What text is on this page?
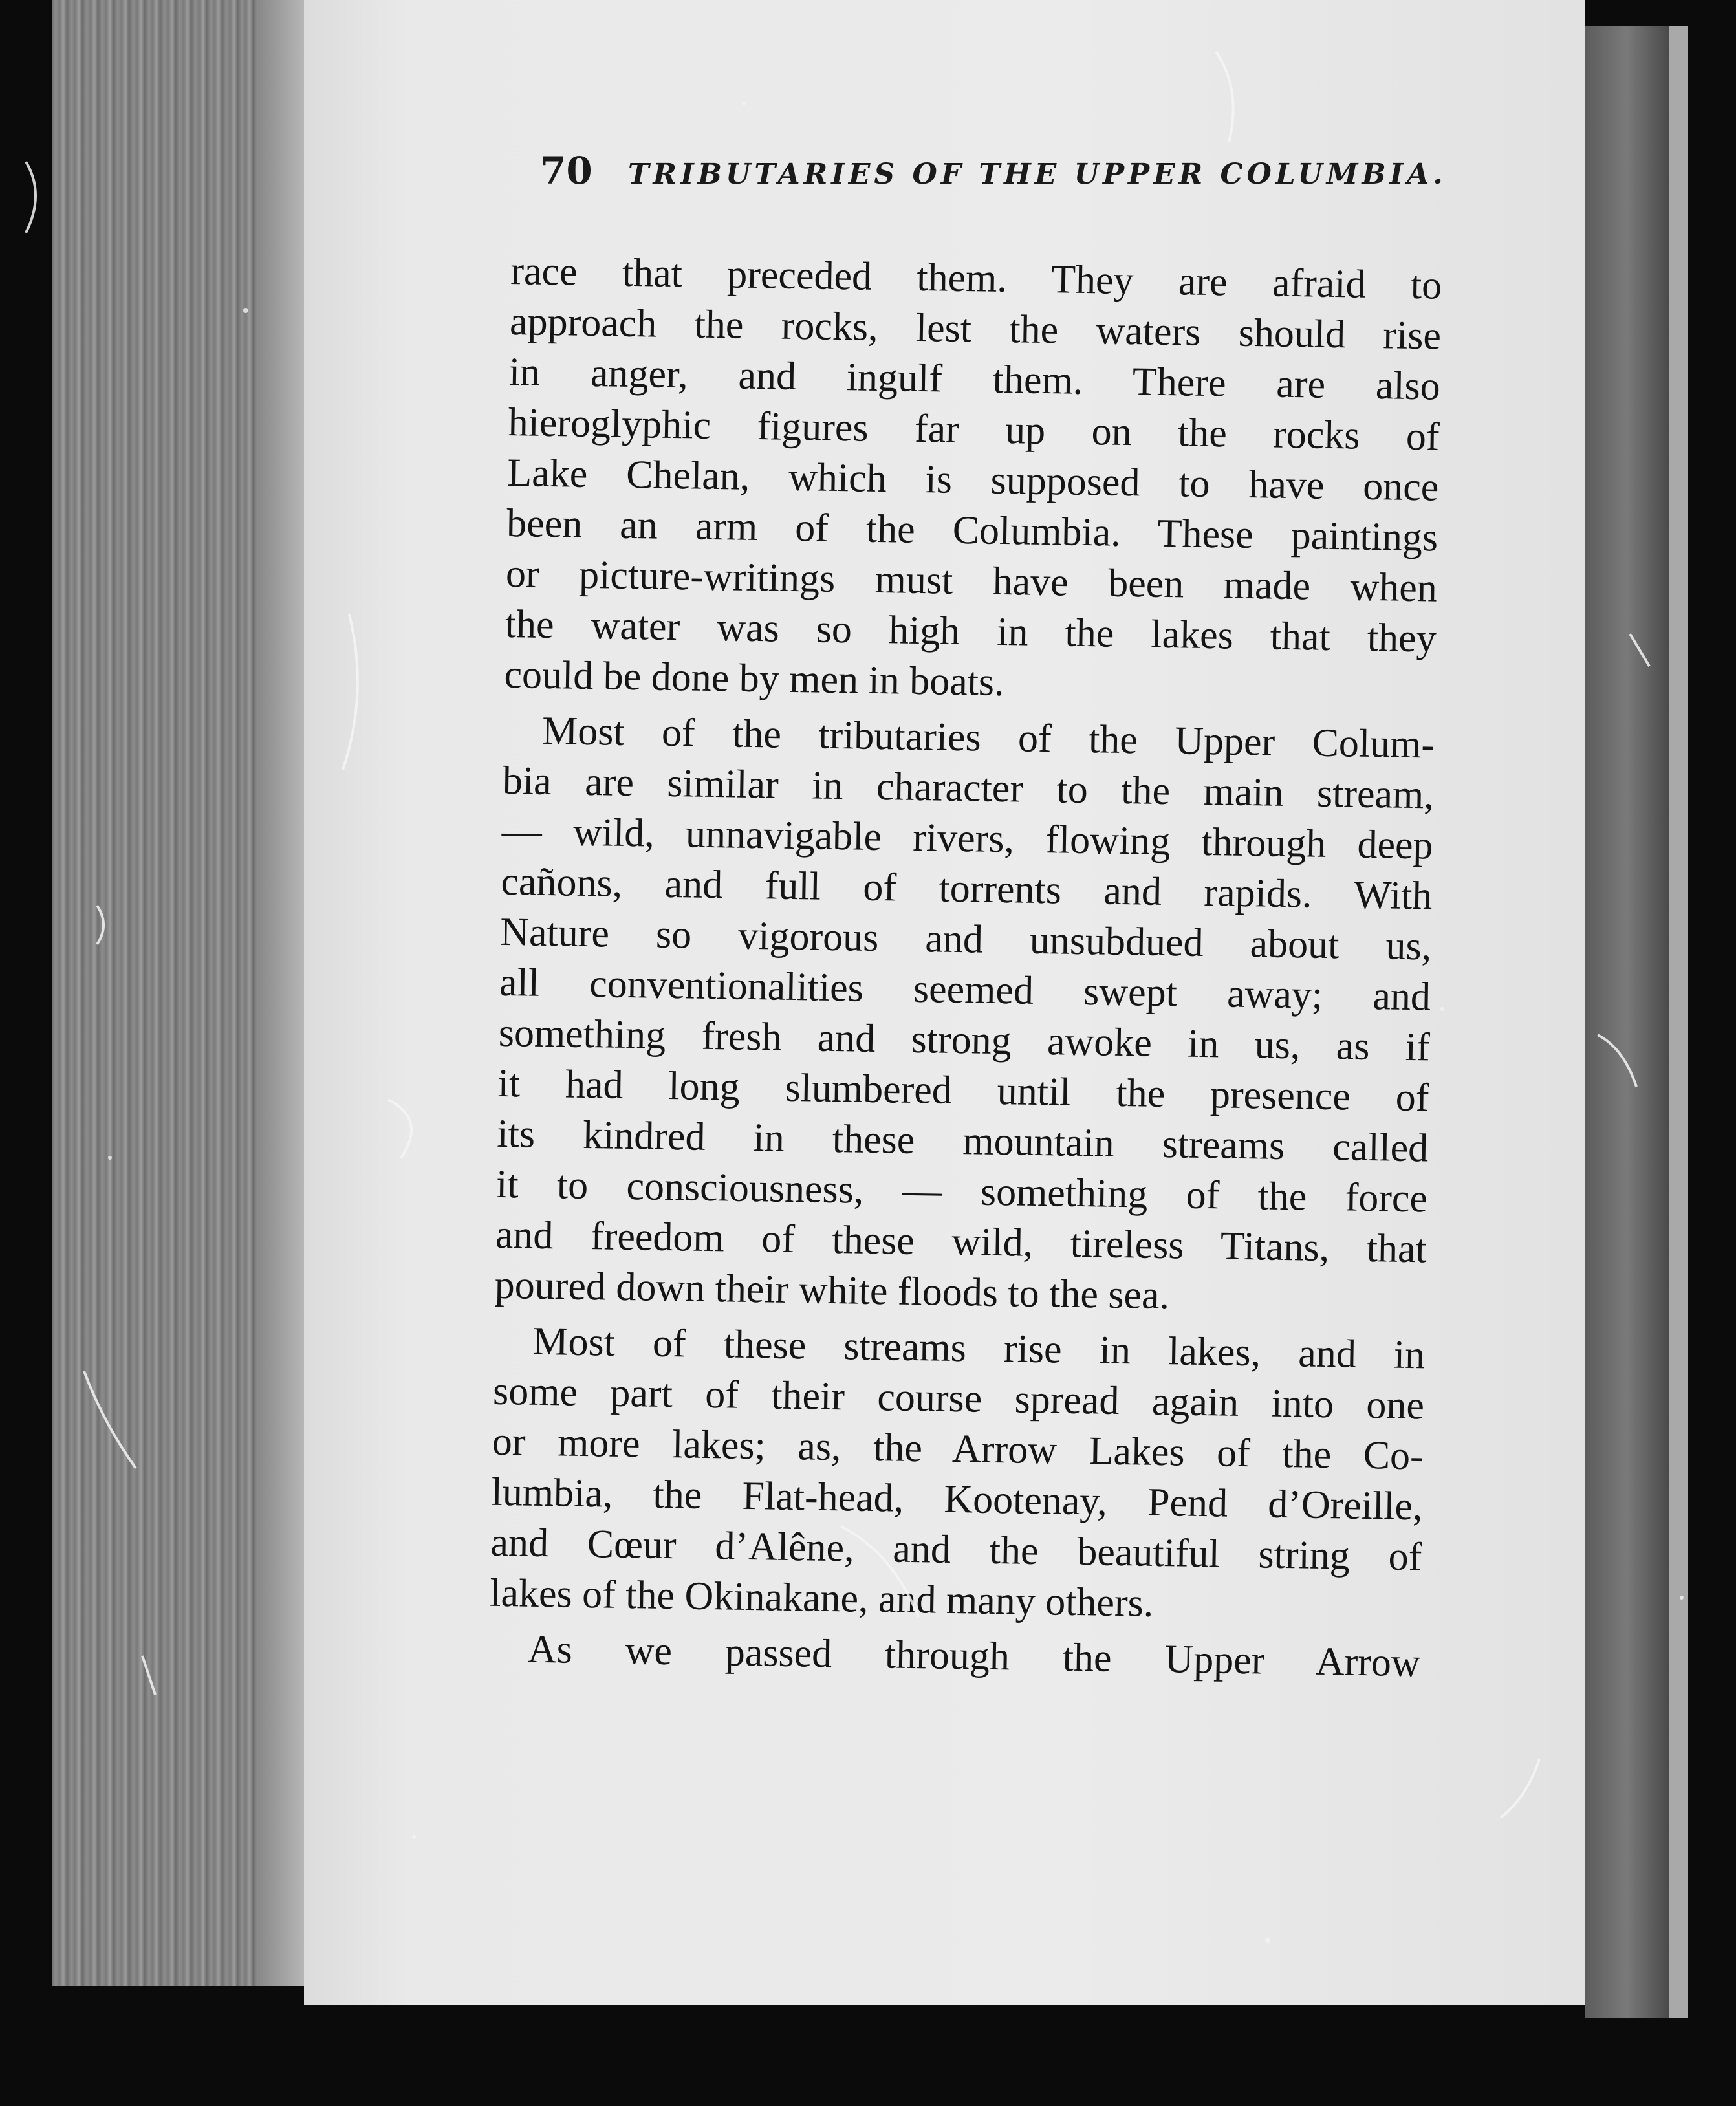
70 TRIBUTARIES OF THE UPPER COLUMBIA.
race that preceded them. They are afraid to
approach the rocks, lest the waters should rise
in anger, and ingulf them. There are also
hieroglyphic figures far up on the rocks of
Lake Chelan, which is supposed to have once
been an arm of the Columbia. These paintings
or picture-writings must have been made when
the water was so high in the lakes that they
could be done by men in boats.
Most of the tributaries of the Upper Colum-
bia are similar in character to the main stream,
— wild, unnavigable rivers, flowing through deep
cañons, and full of torrents and rapids. With
Nature so vigorous and unsubdued about us,
all conventionalities seemed swept away; and
something fresh and strong awoke in us, as if
it had long slumbered until the presence of
its kindred in these mountain streams called
it to consciousness, — something of the force
and freedom of these wild, tireless Titans, that
poured down their white floods to the sea.
Most of these streams rise in lakes, and in
some part of their course spread again into one
or more lakes; as, the Arrow Lakes of the Co-
lumbia, the Flat-head, Kootenay, Pend d’Oreille,
and Cœur d’Alêne, and the beautiful string of
lakes of the Okinakane, and many others.
As we passed through the Upper Arrow
